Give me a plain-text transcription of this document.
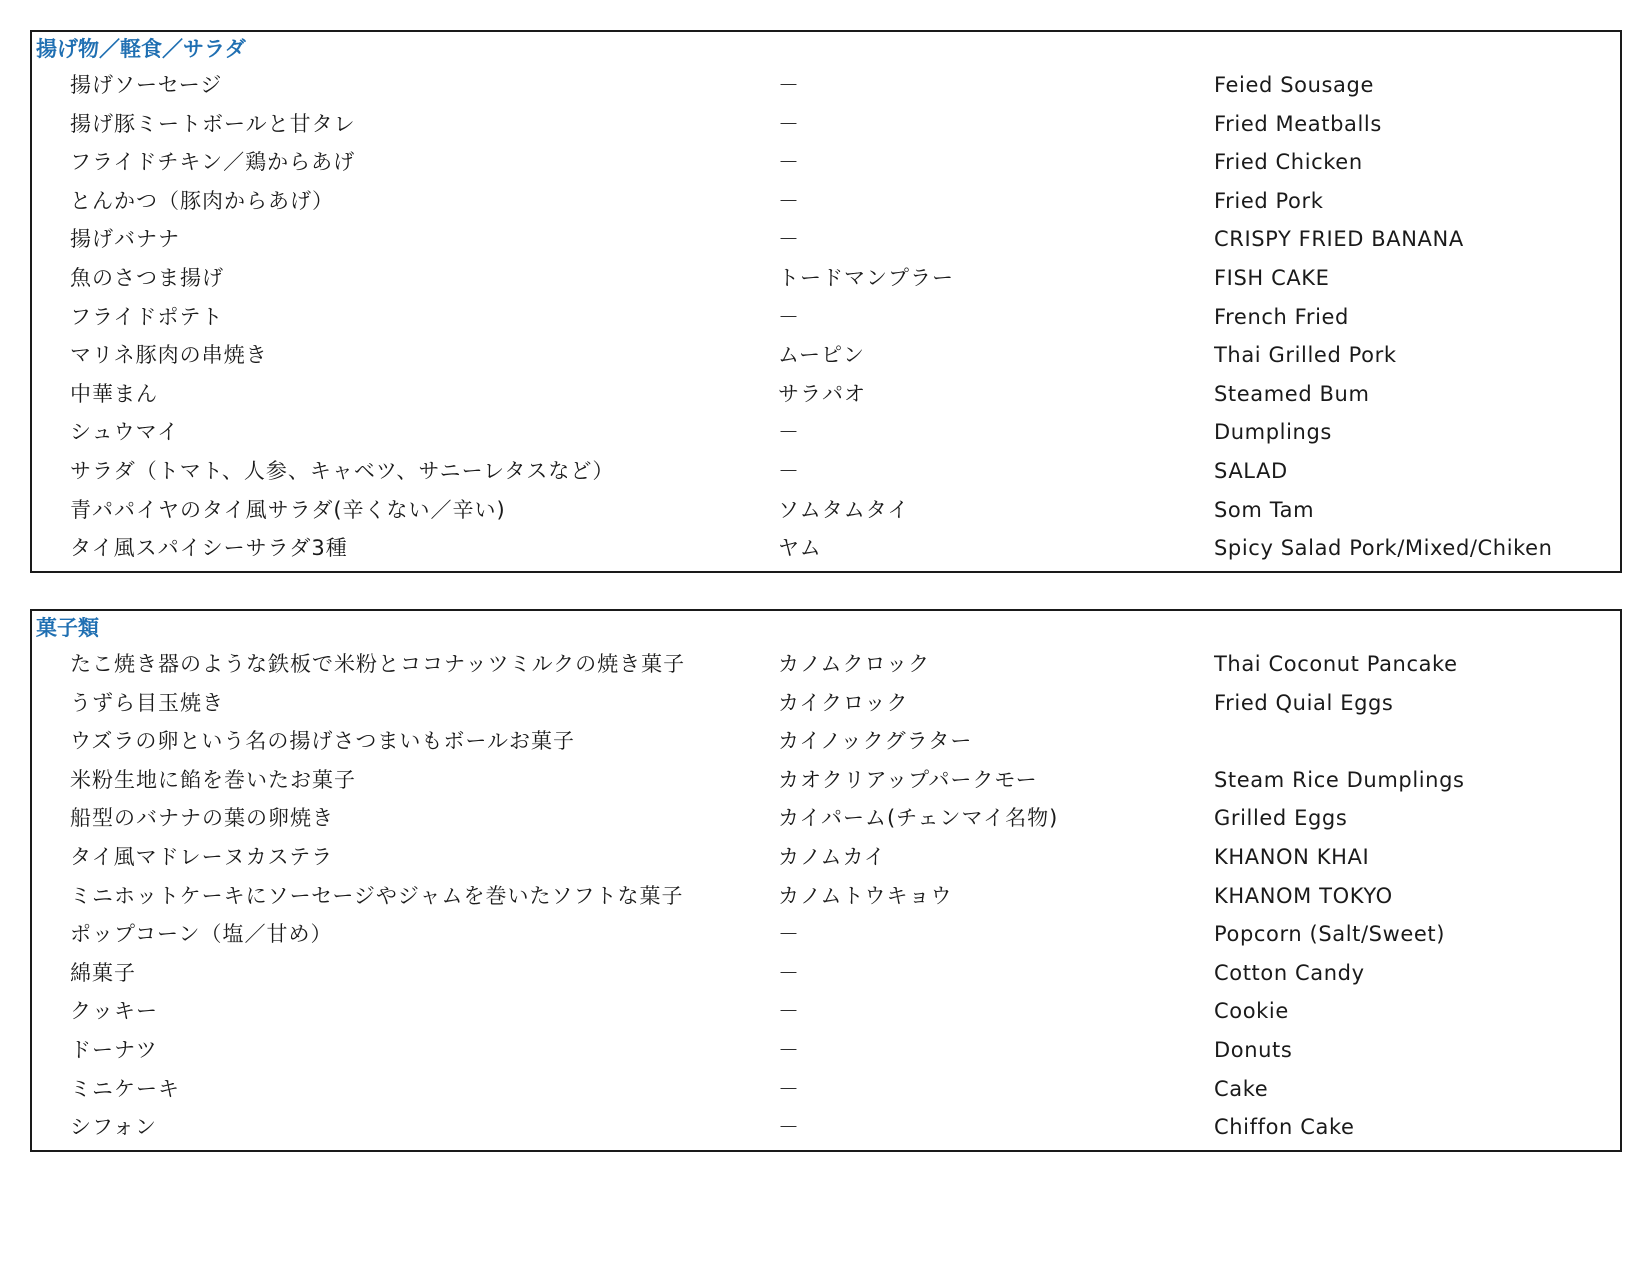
揚げ物／軽食／サラダ
揚げソーセージ	－	Feied Sousage
揚げ豚ミートボールと甘タレ	－	Fried Meatballs
フライドチキン／鶏からあげ	－	Fried Chicken
とんかつ（豚肉からあげ）	－	Fried Pork
揚げバナナ	－	CRISPY FRIED BANANA
魚のさつま揚げ	トードマンプラー	FISH CAKE
フライドポテト	－	French Fried
マリネ豚肉の串焼き	ムーピン	Thai Grilled Pork
中華まん	サラパオ	Steamed Bum
シュウマイ	－	Dumplings
サラダ（トマト、人参、キャベツ、サニーレタスなど）	－	SALAD
青パパイヤのタイ風サラダ(辛くない／辛い)	ソムタムタイ	Som Tam
タイ風スパイシーサラダ3種	ヤム	Spicy Salad Pork/Mixed/Chiken
菓子類
たこ焼き器のような鉄板で米粉とココナッツミルクの焼き菓子	カノムクロック	Thai Coconut Pancake
うずら目玉焼き	カイクロック	Fried Quial Eggs
ウズラの卵という名の揚げさつまいもボールお菓子	カイノックグラター
米粉生地に餡を巻いたお菓子	カオクリアップパークモー	Steam Rice Dumplings
船型のバナナの葉の卵焼き	カイパーム(チェンマイ名物)	Grilled Eggs
タイ風マドレーヌカステラ	カノムカイ	KHANON KHAI
ミニホットケーキにソーセージやジャムを巻いたソフトな菓子	カノムトウキョウ	KHANOM TOKYO
ポップコーン（塩／甘め）	－	Popcorn (Salt/Sweet)
綿菓子	－	Cotton Candy
クッキー	－	Cookie
ドーナツ	－	Donuts
ミニケーキ	－	Cake
シフォン	－	Chiffon Cake
